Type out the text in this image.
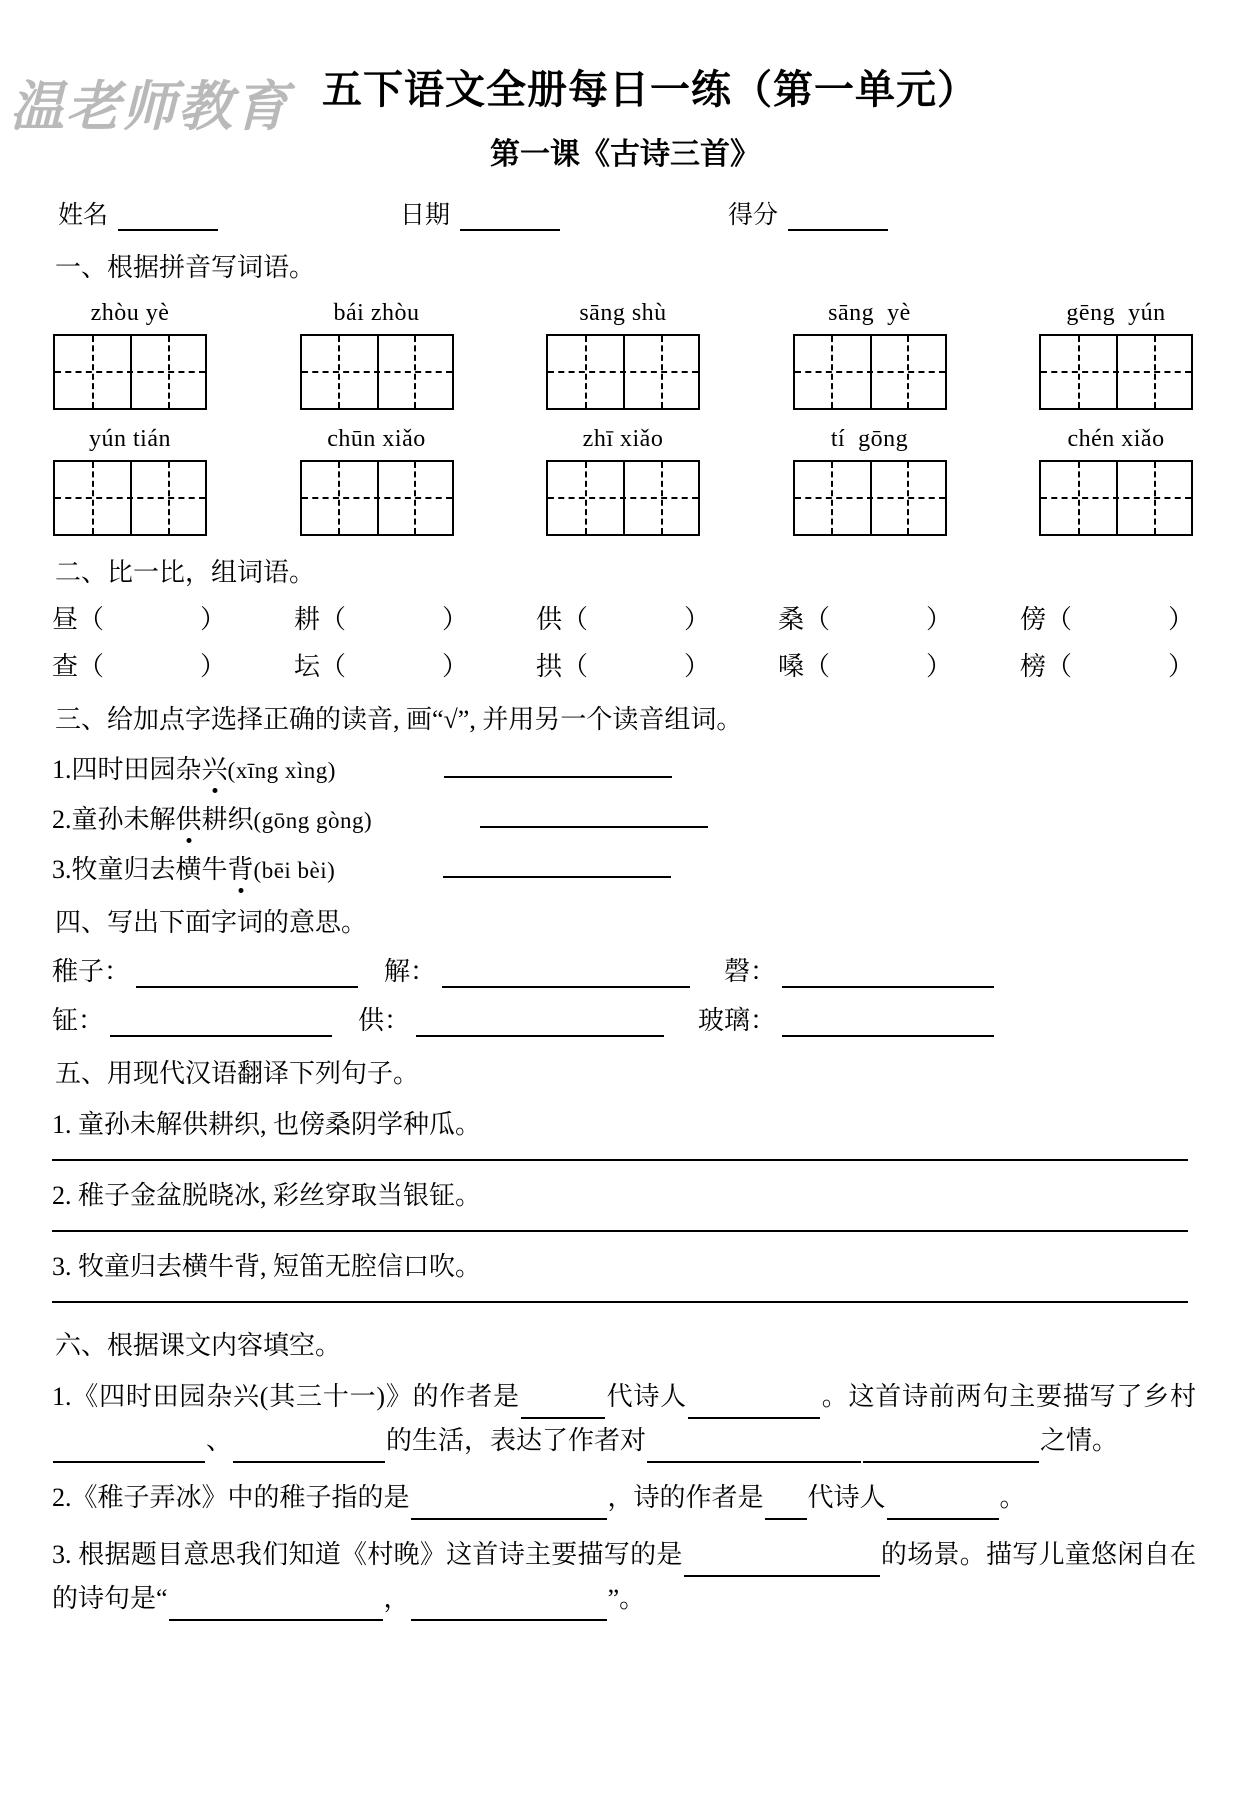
温老师教育 五下语文全册每日一练（第一单元）
第一课《古诗三首》
姓名	日期	得分
一、根据拼音写词语。
zhòu yè	bái zhòu	sāng shù	sāng  yè	gēng  yún
yún tián	chūn xiǎo	zhī xiǎo	tí  gōng	chén xiǎo
二、比一比，组词语。
昼 （	）	耕 （	）	供 （	）	桑 （	）	傍 （	）
查 （	）	坛 （	）	拱 （	）	嗓 （	）	榜 （	）
三、给加点字选择正确的读音, 画“√”, 并用另一个读音组词。
1. 四时田园杂 兴 (xīng xìng)
2. 童孙未解 供 耕织 (gōng gòng)
3. 牧童归去横牛 背 (bēi bèi)
四、写出下面字词的意思。
稚子：	解：	磬：
钲：	供：	玻璃：
五、用现代汉语翻译下列句子。
1. 童孙未解供耕织, 也傍桑阴学种瓜。
2. 稚子金盆脱晓冰, 彩丝穿取当银钲。
3. 牧童归去横牛背, 短笛无腔信口吹。
六、根据课文内容填空。
1.《四时田园杂兴(其三十一)》的作者是	代诗人	。这首诗前两句主要描写了乡村、	的生活，表达了作者对	之情。
2.《稚子弄冰》中的稚子指的是	，诗的作者是 代诗人	。
3. 根据题目意思我们知道《村晚》这首诗主要描写的是	的场景。描写儿童悠闲自在的诗句是“	，	”。
